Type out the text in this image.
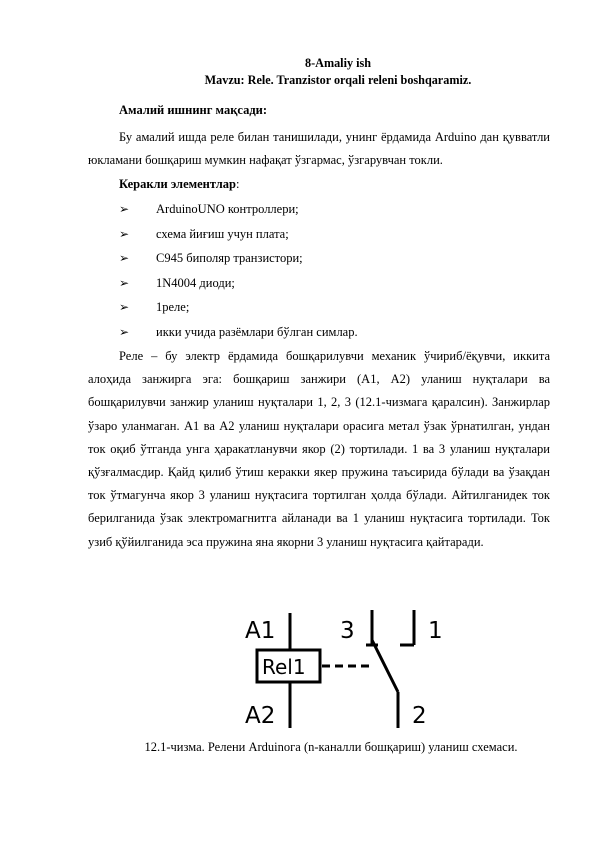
8-Amaliy ish
Mavzu: Rele. Tranzistor orqali releni boshqaramiz.
Амалий ишнинг мақсади:

Бу амалий ишда реле билан танишилади, унинг ёрдамида Arduino дан қувватли юкламани бошқариш мумкин нафақат ўзгармас, ўзгарувчан токли.

Керакли элементлар:
➢ ArduinoUNO контроллери;
➢ схема йиғиш учун плата;
➢ С945 биполяр транзистори;
➢ 1N4004 диоди;
➢ 1реле;
➢ икки учида разёмлари бўлган симлар.

Реле – бу электр ёрдамида бошқарилувчи механик ўчириб/ёқувчи, иккита алоҳида занжирга эга: бошқариш занжири (А1, А2) уланиш нуқталари ва бошқарилувчи занжир уланиш нуқталари 1, 2, 3 (12.1-чизмага қаралсин). Занжирлар ўзаро уланмаган. А1 ва А2 уланиш нуқталари орасига метал ўзак ўрнатилган, ундан ток оқиб ўтганда унга ҳаракатланувчи якор (2) тортилади. 1 ва 3 уланиш нуқталари қўзғалмасдир. Қайд қилиб ўтиш керакки якер пружина таъсирида бўлади ва ўзақдан ток ўтмагунча якор 3 уланиш нуқтасига тортилган ҳолда бўлади. Айтилганидек ток берилганида ўзак электромагнитга айланади ва 1 уланиш нуқтасига тортилади. Ток узиб қўйилганида эса пружина яна якорни 3 уланиш нуқтасига қайтаради.

A1
A2
Rel1
3	1
2
12.1-чизма. Релени Arduinога (n-каналли бошқариш) уланиш схемаси.
